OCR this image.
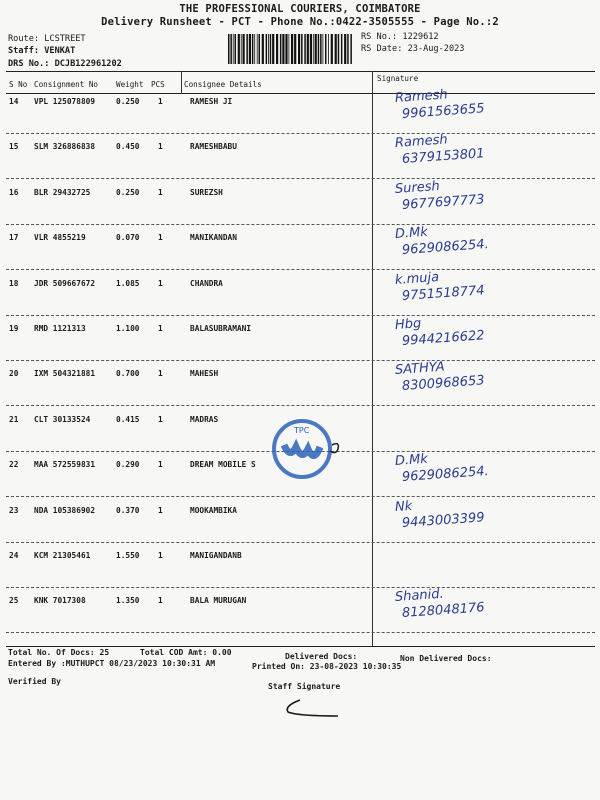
THE PROFESSIONAL COURIERS, COIMBATORE
Delivery Runsheet - PCT - Phone No.:0422-3505555 - Page No.:2
Route: LCSTREET
Staff: VENKAT
DRS No.: DCJB122961202
RS No.: 1229612
RS Date: 23-Aug-2023
S No Consignment No Weight PCS	Consignee Details
Signature
14 VPL 125078809	0.250 1	RAMESH JI	Ramesh
9961563655
15 SLM 326886838	0.450 1	RAMESHBABU	Ramesh
6379153801
16 BLR 29432725	0.250 1	SUREZSH	Suresh
9677697773
17 VLR 4855219	0.070 1	MANIKANDAN	D.Mk
9629086254.
18 JDR 509667672	1.085 1	CHANDRA	k.muja
9751518774
19 RMD 1121313	1.100 1	BALASUBRAMANI	Hbg
9944216622
20 IXM 504321881	0.700 1	MAHESH	SATHYA
8300968653
21 CLT 30133524	0.415 1	MADRAS
22 MAA 572559831	0.290 1	DREAM MOBILE S	D.Mk
9629086254.
23 NDA 105386902	0.370 1	MOOKAMBIKA	Nk
9443003399
24 KCM 21305461	1.550 1	MANIGANDANB
25 KNK 7017308	1.350 1	BALA MURUGAN	Shanid.
8128048176
TPC
Total No. Of Docs: 25	Total COD Amt: 0.00	Delivered Docs:	Non Delivered Docs:
Entered By :MUTHUPCT 08/23/2023 10:30:31 AM	Printed On: 23-08-2023 10:30:35
Verified By
Staff Signature
